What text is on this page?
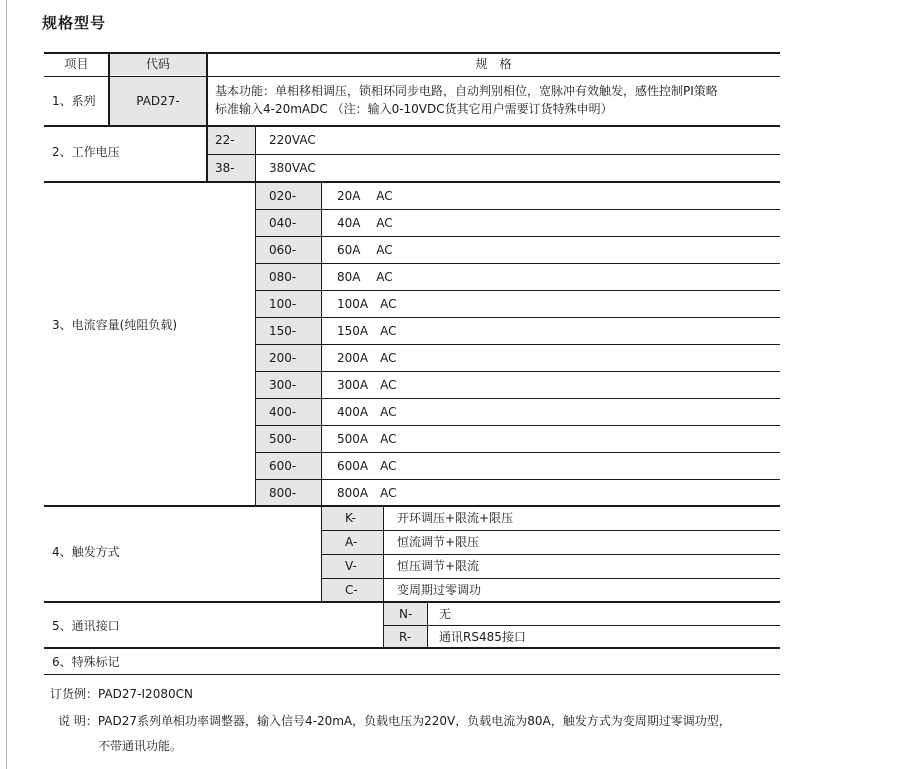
规格型号
项目	代码	规　格
1、系列	PAD27-
基本功能：单相移相调压，锁相环同步电路，自动判别相位，宽脉冲有效触发，感性控制PI策略
标准输入4-20mADC （注：输入0-10VDC货其它用户需要订货特殊申明）
2、工作电压
22-	220VAC
38-	380VAC
3、电流容量(纯阻负载)
020-	20A　 AC
040-	40A　 AC
060-	60A　 AC
080-	80A　 AC
100-	100A　AC
150-	150A　AC
200-	200A　AC
300-	300A　AC
400-	400A　AC
500-	500A　AC
600-	600A　AC
800-	800A　AC
4、触发方式
K-	开环调压+限流+限压
A-	恒流调节+限压
V-	恒压调节+限流
C-	变周期过零调功
5、通讯接口
N-	无
R-	通讯RS485接口
6、特殊标记
订货例：PAD27-I2080CN
说 明：PAD27系列单相功率调整器，输入信号4-20mA，负载电压为220V，负载电流为80A，触发方式为变周期过零调功型，
不带通讯功能。
